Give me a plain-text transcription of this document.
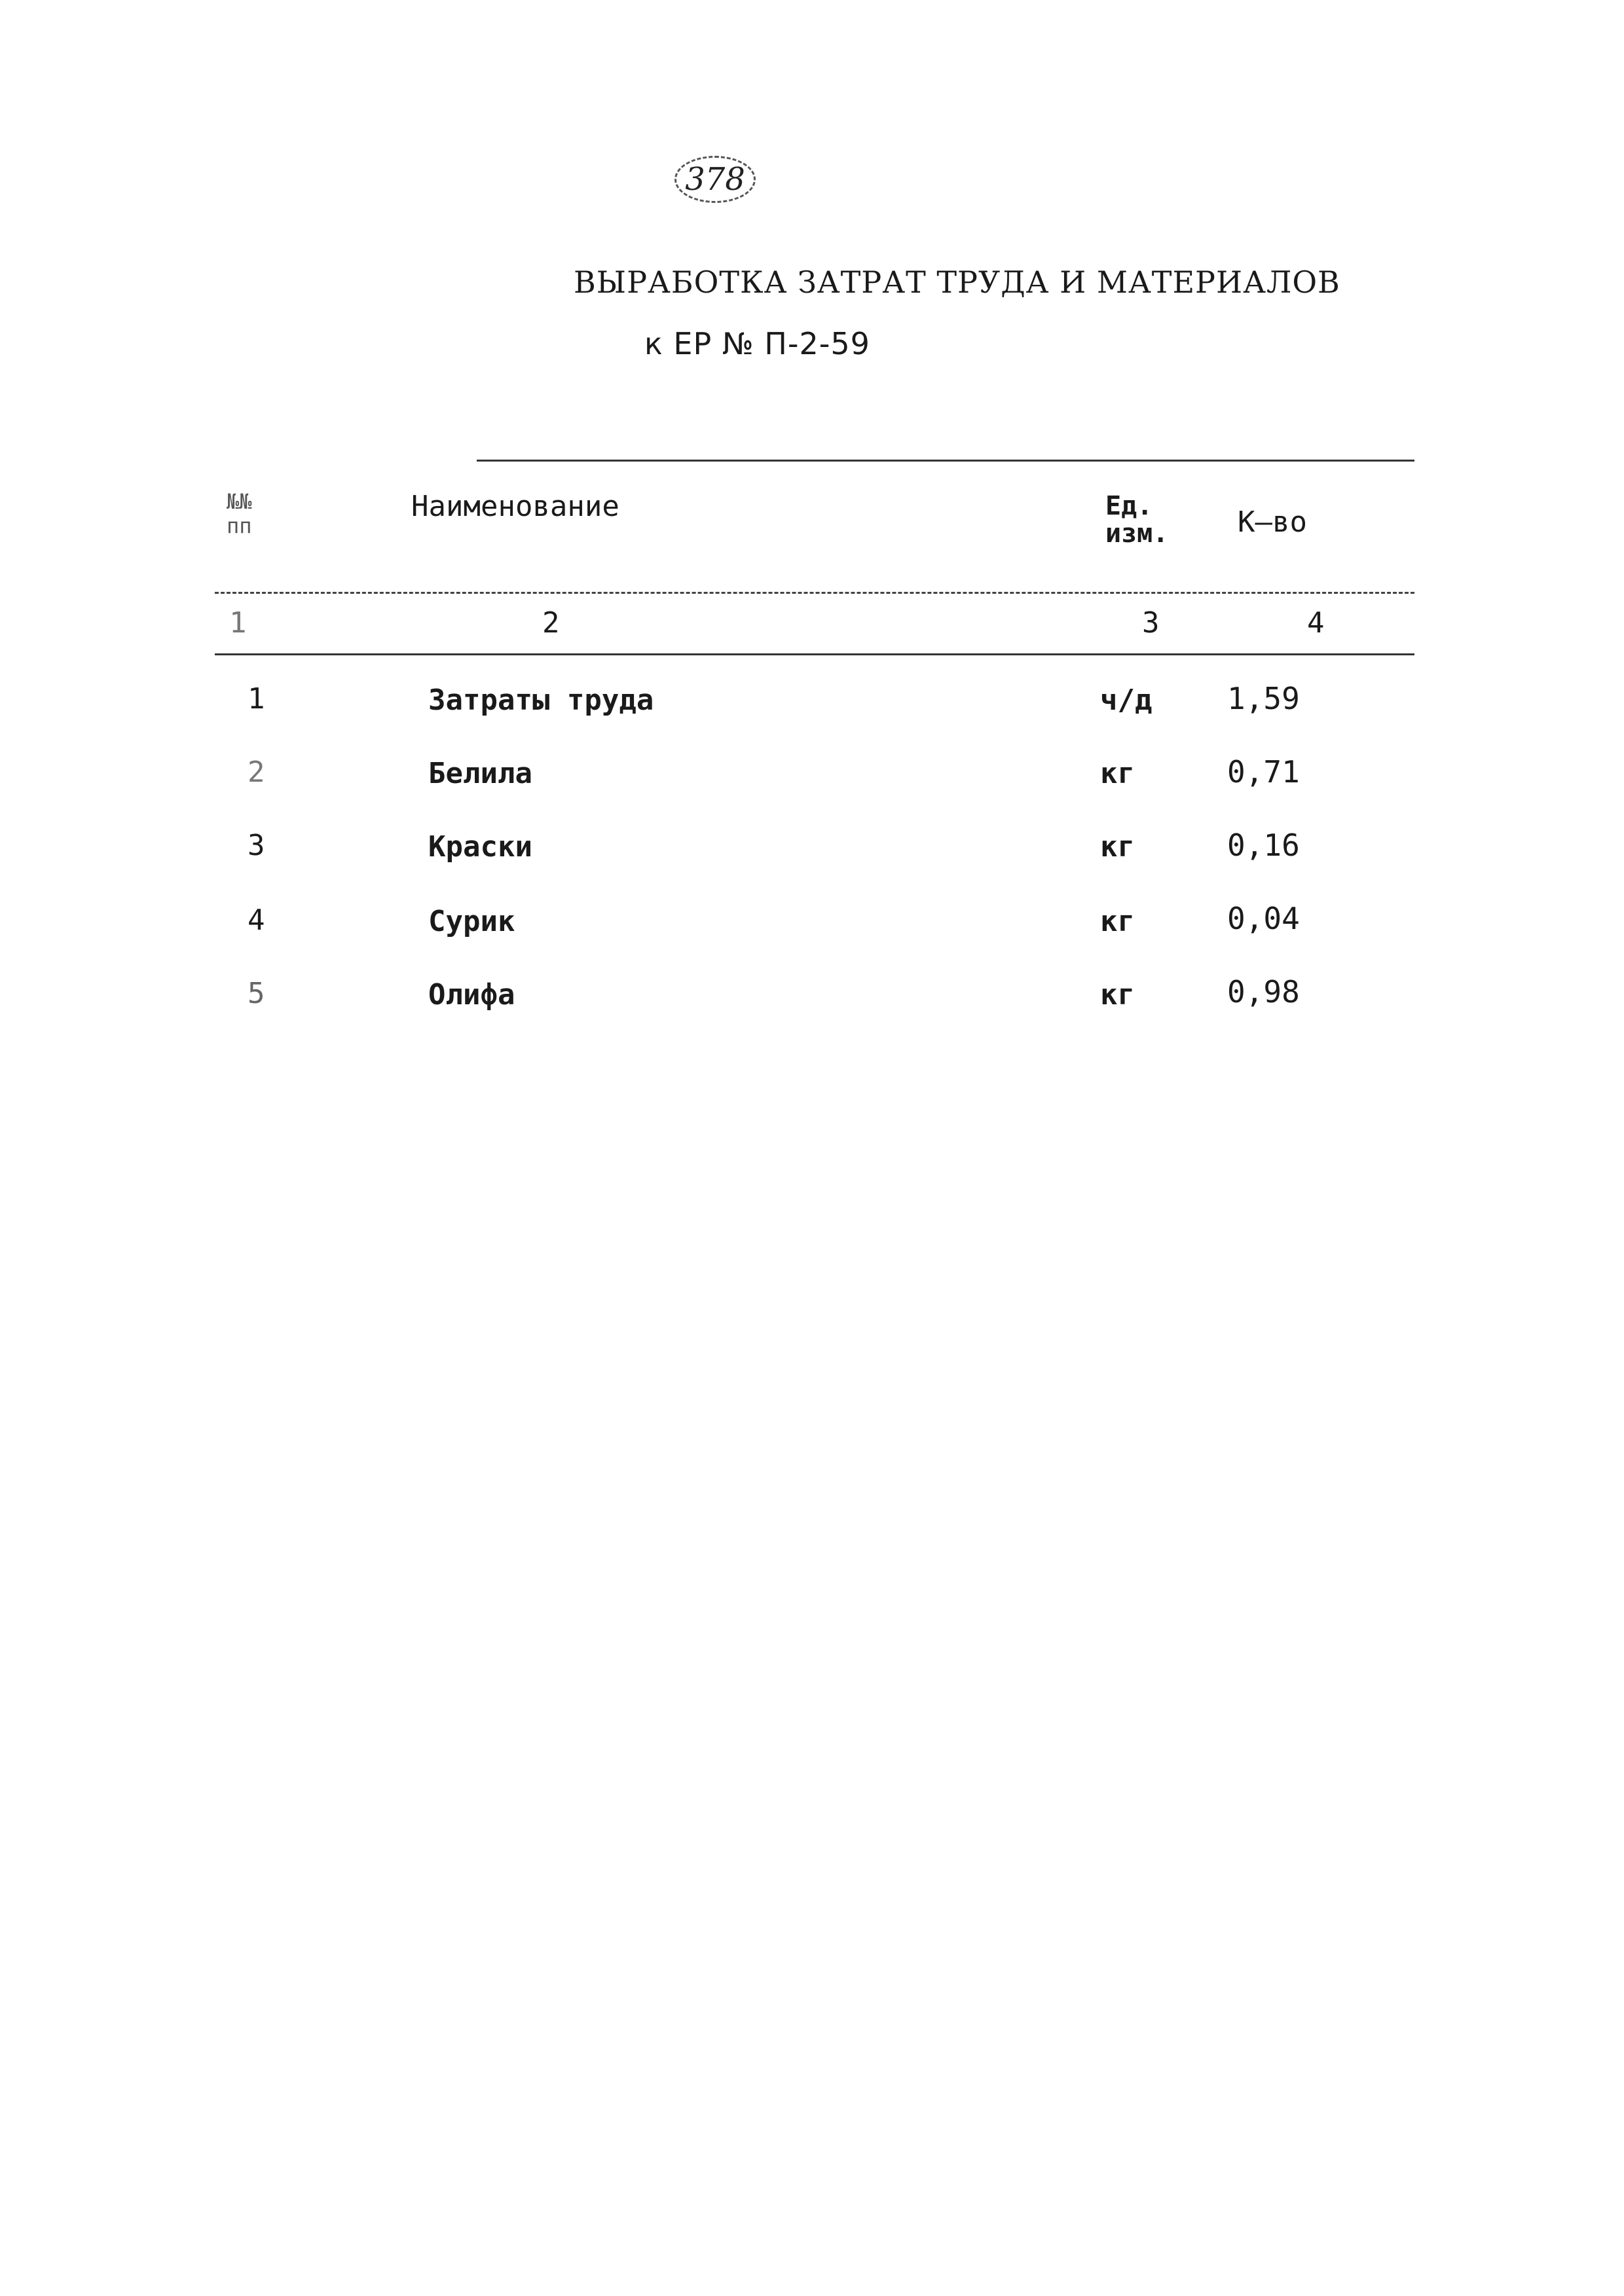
378
ВЫРАБОТКА ЗАТРАТ ТРУДА И МАТЕРИАЛОВ
к ЕР № П-2-59
№№ пп
Наименование	Ед. изм.	К–во
1	2	3	4
1	Затраты труда	ч/д 1,59
2	Белила	кг	0,71
3	Краски	кг	0,16
4	Сурик	кг	0,04
5	Олифа	кг	0,98
